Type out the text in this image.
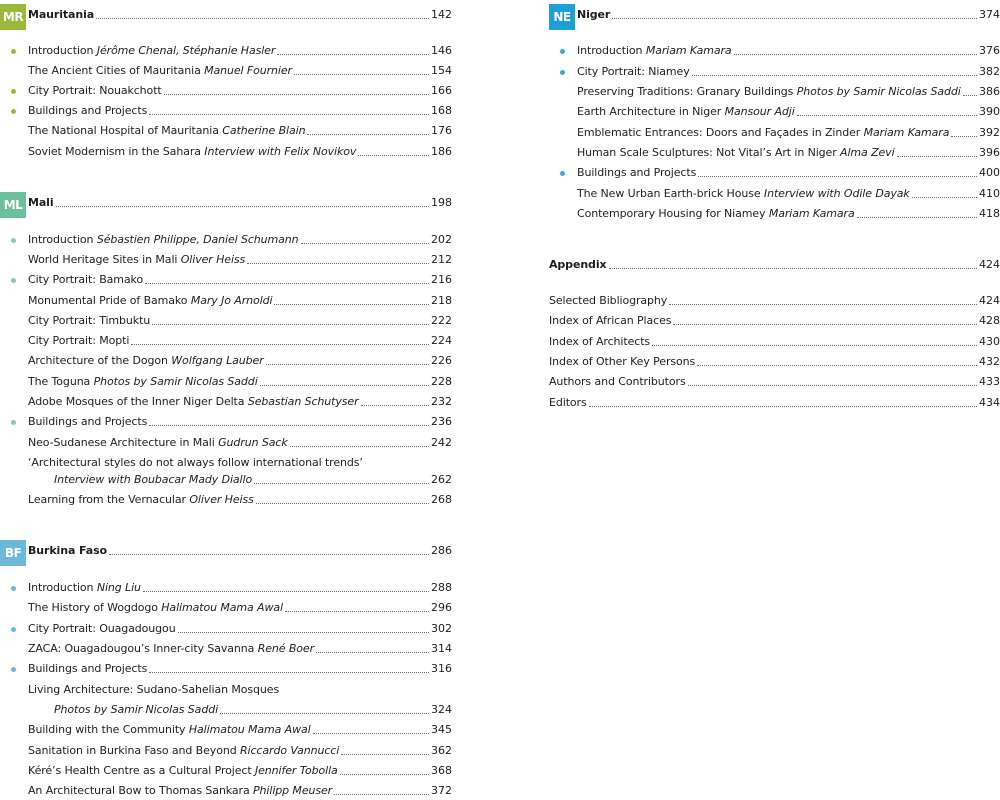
MR Mauritania	142
Introduction Jérôme Chenal, Stéphanie Hasler	146
The Ancient Cities of Mauritania Manuel Fournier	154
City Portrait: Nouakchott	166
Buildings and Projects	168
The National Hospital of Mauritania Catherine Blain	176
Soviet Modernism in the Sahara Interview with Felix Novikov	186
ML Mali	198
Introduction Sébastien Philippe, Daniel Schumann	202
World Heritage Sites in Mali Oliver Heiss	212
City Portrait: Bamako	216
Monumental Pride of Bamako Mary Jo Arnoldi	218
City Portrait: Timbuktu	222
City Portrait: Mopti	224
Architecture of the Dogon Wolfgang Lauber	226
The Toguna Photos by Samir Nicolas Saddi	228
Adobe Mosques of the Inner Niger Delta Sebastian Schutyser	232
Buildings and Projects	236
Neo-Sudanese Architecture in Mali Gudrun Sack	242
‘Architectural styles do not always follow international trends’
Interview with Boubacar Mady Diallo	262
Learning from the Vernacular Oliver Heiss	268
BF Burkina Faso	286
Introduction Ning Liu	288
The History of Wogdogo Halimatou Mama Awal	296
City Portrait: Ouagadougou	302
ZACA: Ouagadougou’s Inner-city Savanna René Boer	314
Buildings and Projects	316
Living Architecture: Sudano-Sahelian Mosques
Photos by Samir Nicolas Saddi	324
Building with the Community Halimatou Mama Awal	345
Sanitation in Burkina Faso and Beyond Riccardo Vannucci	362
Kéré’s Health Centre as a Cultural Project Jennifer Tobolla	368
An Architectural Bow to Thomas Sankara Philipp Meuser	372
NE Niger	374
Introduction Mariam Kamara	376
City Portrait: Niamey	382
Preserving Traditions: Granary Buildings Photos by Samir Nicolas Saddi 386
Earth Architecture in Niger Mansour Adji	390
Emblematic Entrances: Doors and Façades in Zinder Mariam Kamara	392
Human Scale Sculptures: Not Vital’s Art in Niger Alma Zevi	396
Buildings and Projects	400
The New Urban Earth-brick House Interview with Odile Dayak	410
Contemporary Housing for Niamey Mariam Kamara	418
Appendix	424
Selected Bibliography	424
Index of African Places	428
Index of Architects	430
Index of Other Key Persons	432
Authors and Contributors	433
Editors	434
